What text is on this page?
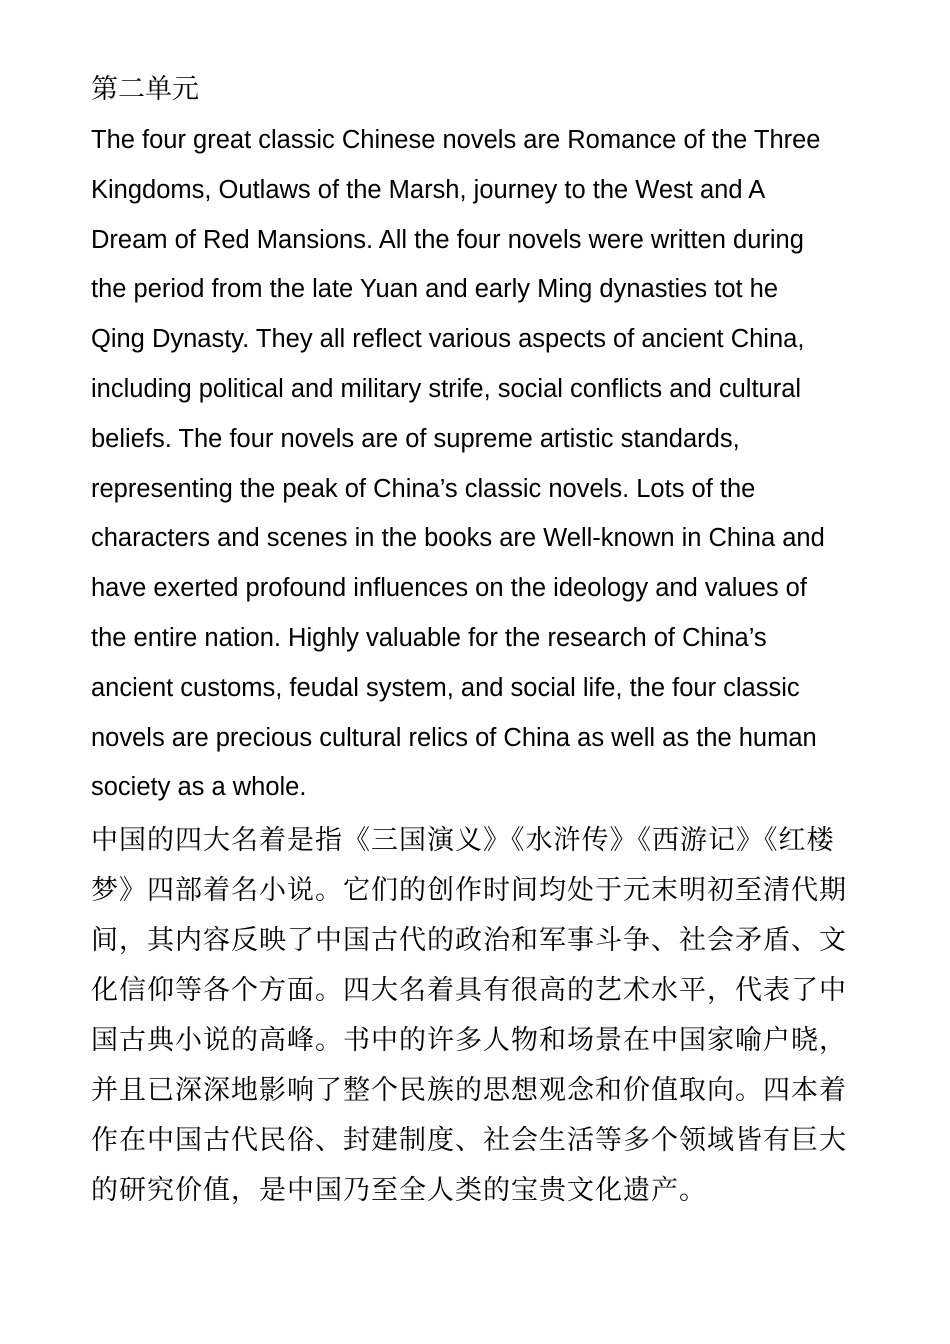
第二单元
The four great classic Chinese novels are Romance of the Three
Kingdoms, Outlaws of the Marsh, journey to the West and A
Dream of Red Mansions. All the four novels were written during
the period from the late Yuan and early Ming dynasties tot he
Qing Dynasty. They all reflect various aspects of ancient China,
including political and military strife, social conflicts and cultural
beliefs. The four novels are of supreme artistic standards,
representing the peak of China’s classic novels. Lots of the
characters and scenes in the books are Well-known in China and
have exerted profound influences on the ideology and values of
the entire nation. Highly valuable for the research of China’s
ancient customs, feudal system, and social life, the four classic
novels are precious cultural relics of China as well as the human
society as a whole.
中国的四大名着是指《三国演义》《水浒传》《西游记》《红楼
梦》四部着名小说。它们的创作时间均处于元末明初至清代期
间，其内容反映了中国古代的政治和军事斗争、社会矛盾、文
化信仰等各个方面。四大名着具有很高的艺术水平，代表了中
国古典小说的高峰。书中的许多人物和场景在中国家喻户晓，
并且已深深地影响了整个民族的思想观念和价值取向。四本着
作在中国古代民俗、封建制度、社会生活等多个领域皆有巨大
的研究价值，是中国乃至全人类的宝贵文化遗产。
